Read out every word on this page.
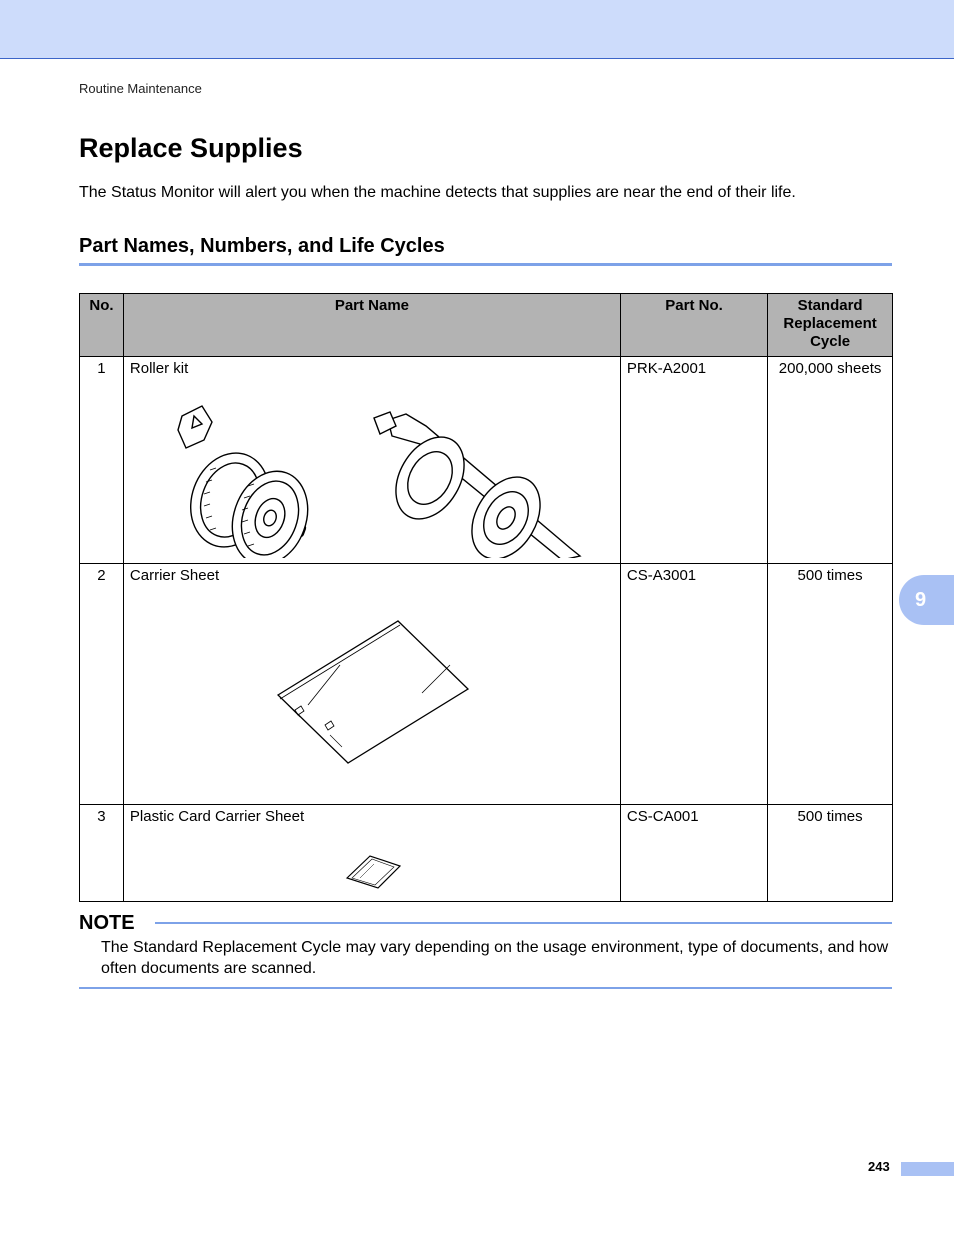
Routine Maintenance
Replace Supplies

The Status Monitor will alert you when the machine detects that supplies are near the end of their life.

Part Names, Numbers, and Life Cycles
No.	Part Name	Part No.	Standard Replacement Cycle
1	Roller kit	PRK-A2001	200,000 sheets
2	Carrier Sheet	CS-A3001	500 times
3	Plastic Card Carrier Sheet	CS-CA001	500 times
NOTE

The Standard Replacement Cycle may vary depending on the usage environment, type of documents, and how often documents are scanned.

9
243
